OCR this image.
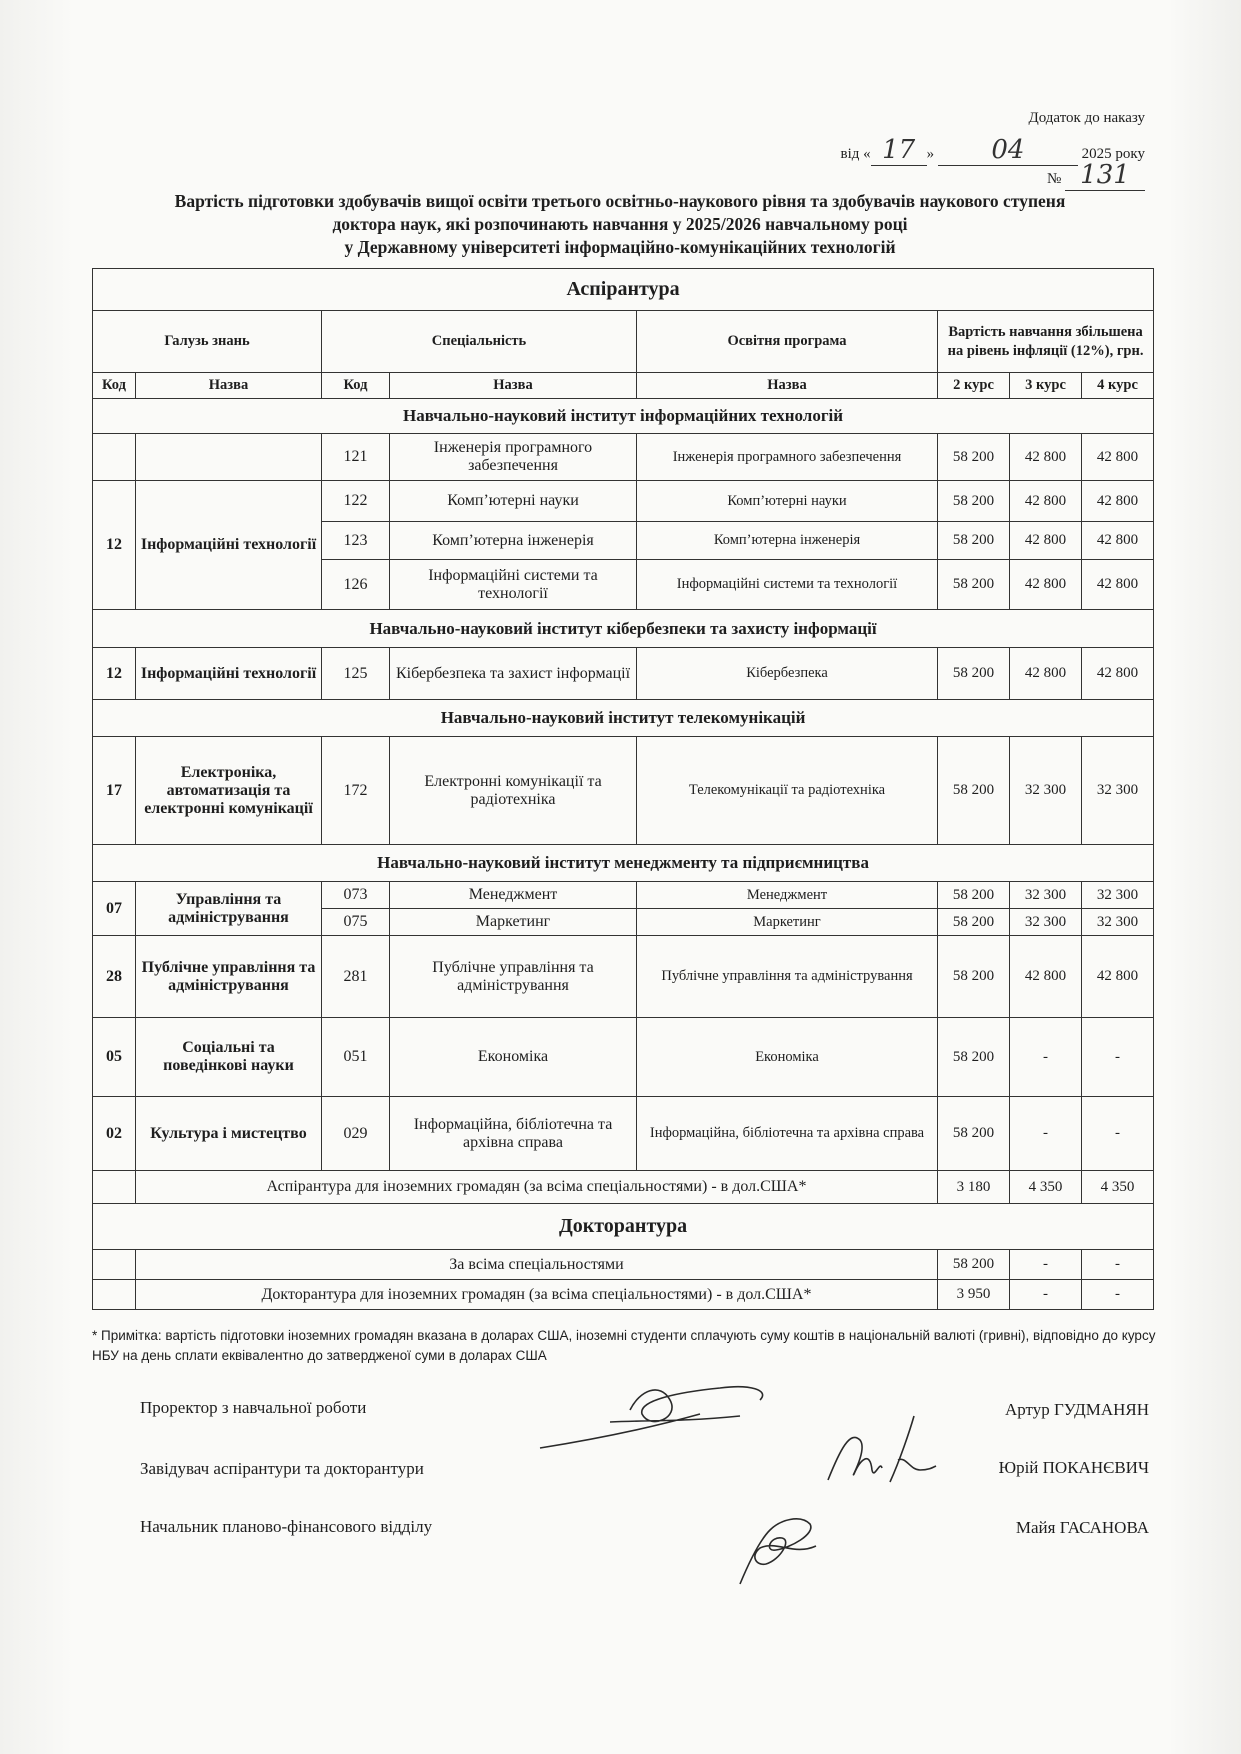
Додаток до наказу
від « 17 » 04	2025 року
№ 131
Вартість підготовки здобувачів вищої освіти третього освітньо-наукового рівня та здобувачів наукового ступеня
доктора наук, які розпочинають навчання у 2025/2026 навчальному році
у Державному університеті інформаційно-комунікаційних технологій
Аспірантура							
Галузь знань		Спеціальність		Освітня програма	Вартість навчання збільшена на рівень інфляції (12%), грн.		
Код	Назва	Код	Назва	Назва	2 курс	3 курс	4 курс
Навчально-науковий інститут інформаційних технологій							
		121	Інженерія програмного забезпечення	Інженерія програмного забезпечення	58 200	42 800	42 800
12	Інформаційні технології	122	Комп’ютерні науки	Комп’ютерні науки	58 200	42 800	42 800
		123	Комп’ютерна інженерія	Комп’ютерна інженерія	58 200	42 800	42 800
		126	Інформаційні системи та технології	Інформаційні системи та технології	58 200	42 800	42 800
Навчально-науковий інститут кібербезпеки та захисту інформації							
12	Інформаційні технології	125	Кібербезпека та захист інформації	Кібербезпека	58 200	42 800	42 800
Навчально-науковий інститут телекомунікацій							
17	Електроніка, автоматизація та електронні комунікації	172	Електронні комунікації та радіотехніка	Телекомунікації та радіотехніка	58 200	32 300	32 300
Навчально-науковий інститут менеджменту та підприємництва							
07	Управління та адміністрування	073	Менеджмент	Менеджмент	58 200	32 300	32 300
		075	Маркетинг	Маркетинг	58 200	32 300	32 300
28	Публічне управління та адміністрування	281	Публічне управління та адміністрування	Публічне управління та адміністрування	58 200	42 800	42 800
05	Соціальні та поведінкові науки	051	Економіка	Економіка	58 200	-	-
02	Культура і мистецтво	029	Інформаційна, бібліотечна та архівна справа	Інформаційна, бібліотечна та архівна справа	58 200	-	-
	Аспірантура для іноземних громадян (за всіма спеціальностями) - в дол.США*				3 180	4 350	4 350
Докторантура							
	За всіма спеціальностями				58 200	-	-
	Докторантура для іноземних громадян (за всіма спеціальностями) - в дол.США*				3 950	-	-
* Примітка: вартість підготовки іноземних громадян вказана в доларах США, іноземні студенти сплачують суму коштів в національній валюті (гривні), відповідно до курсу НБУ на день сплати еквівалентно до затвердженої суми в доларах США
Проректор з навчальної роботи	Артур ГУДМАНЯН
Завідувач аспірантури та докторантури	Юрій ПОКАНЄВИЧ
Начальник планово-фінансового відділу	Майя ГАСАНОВА
